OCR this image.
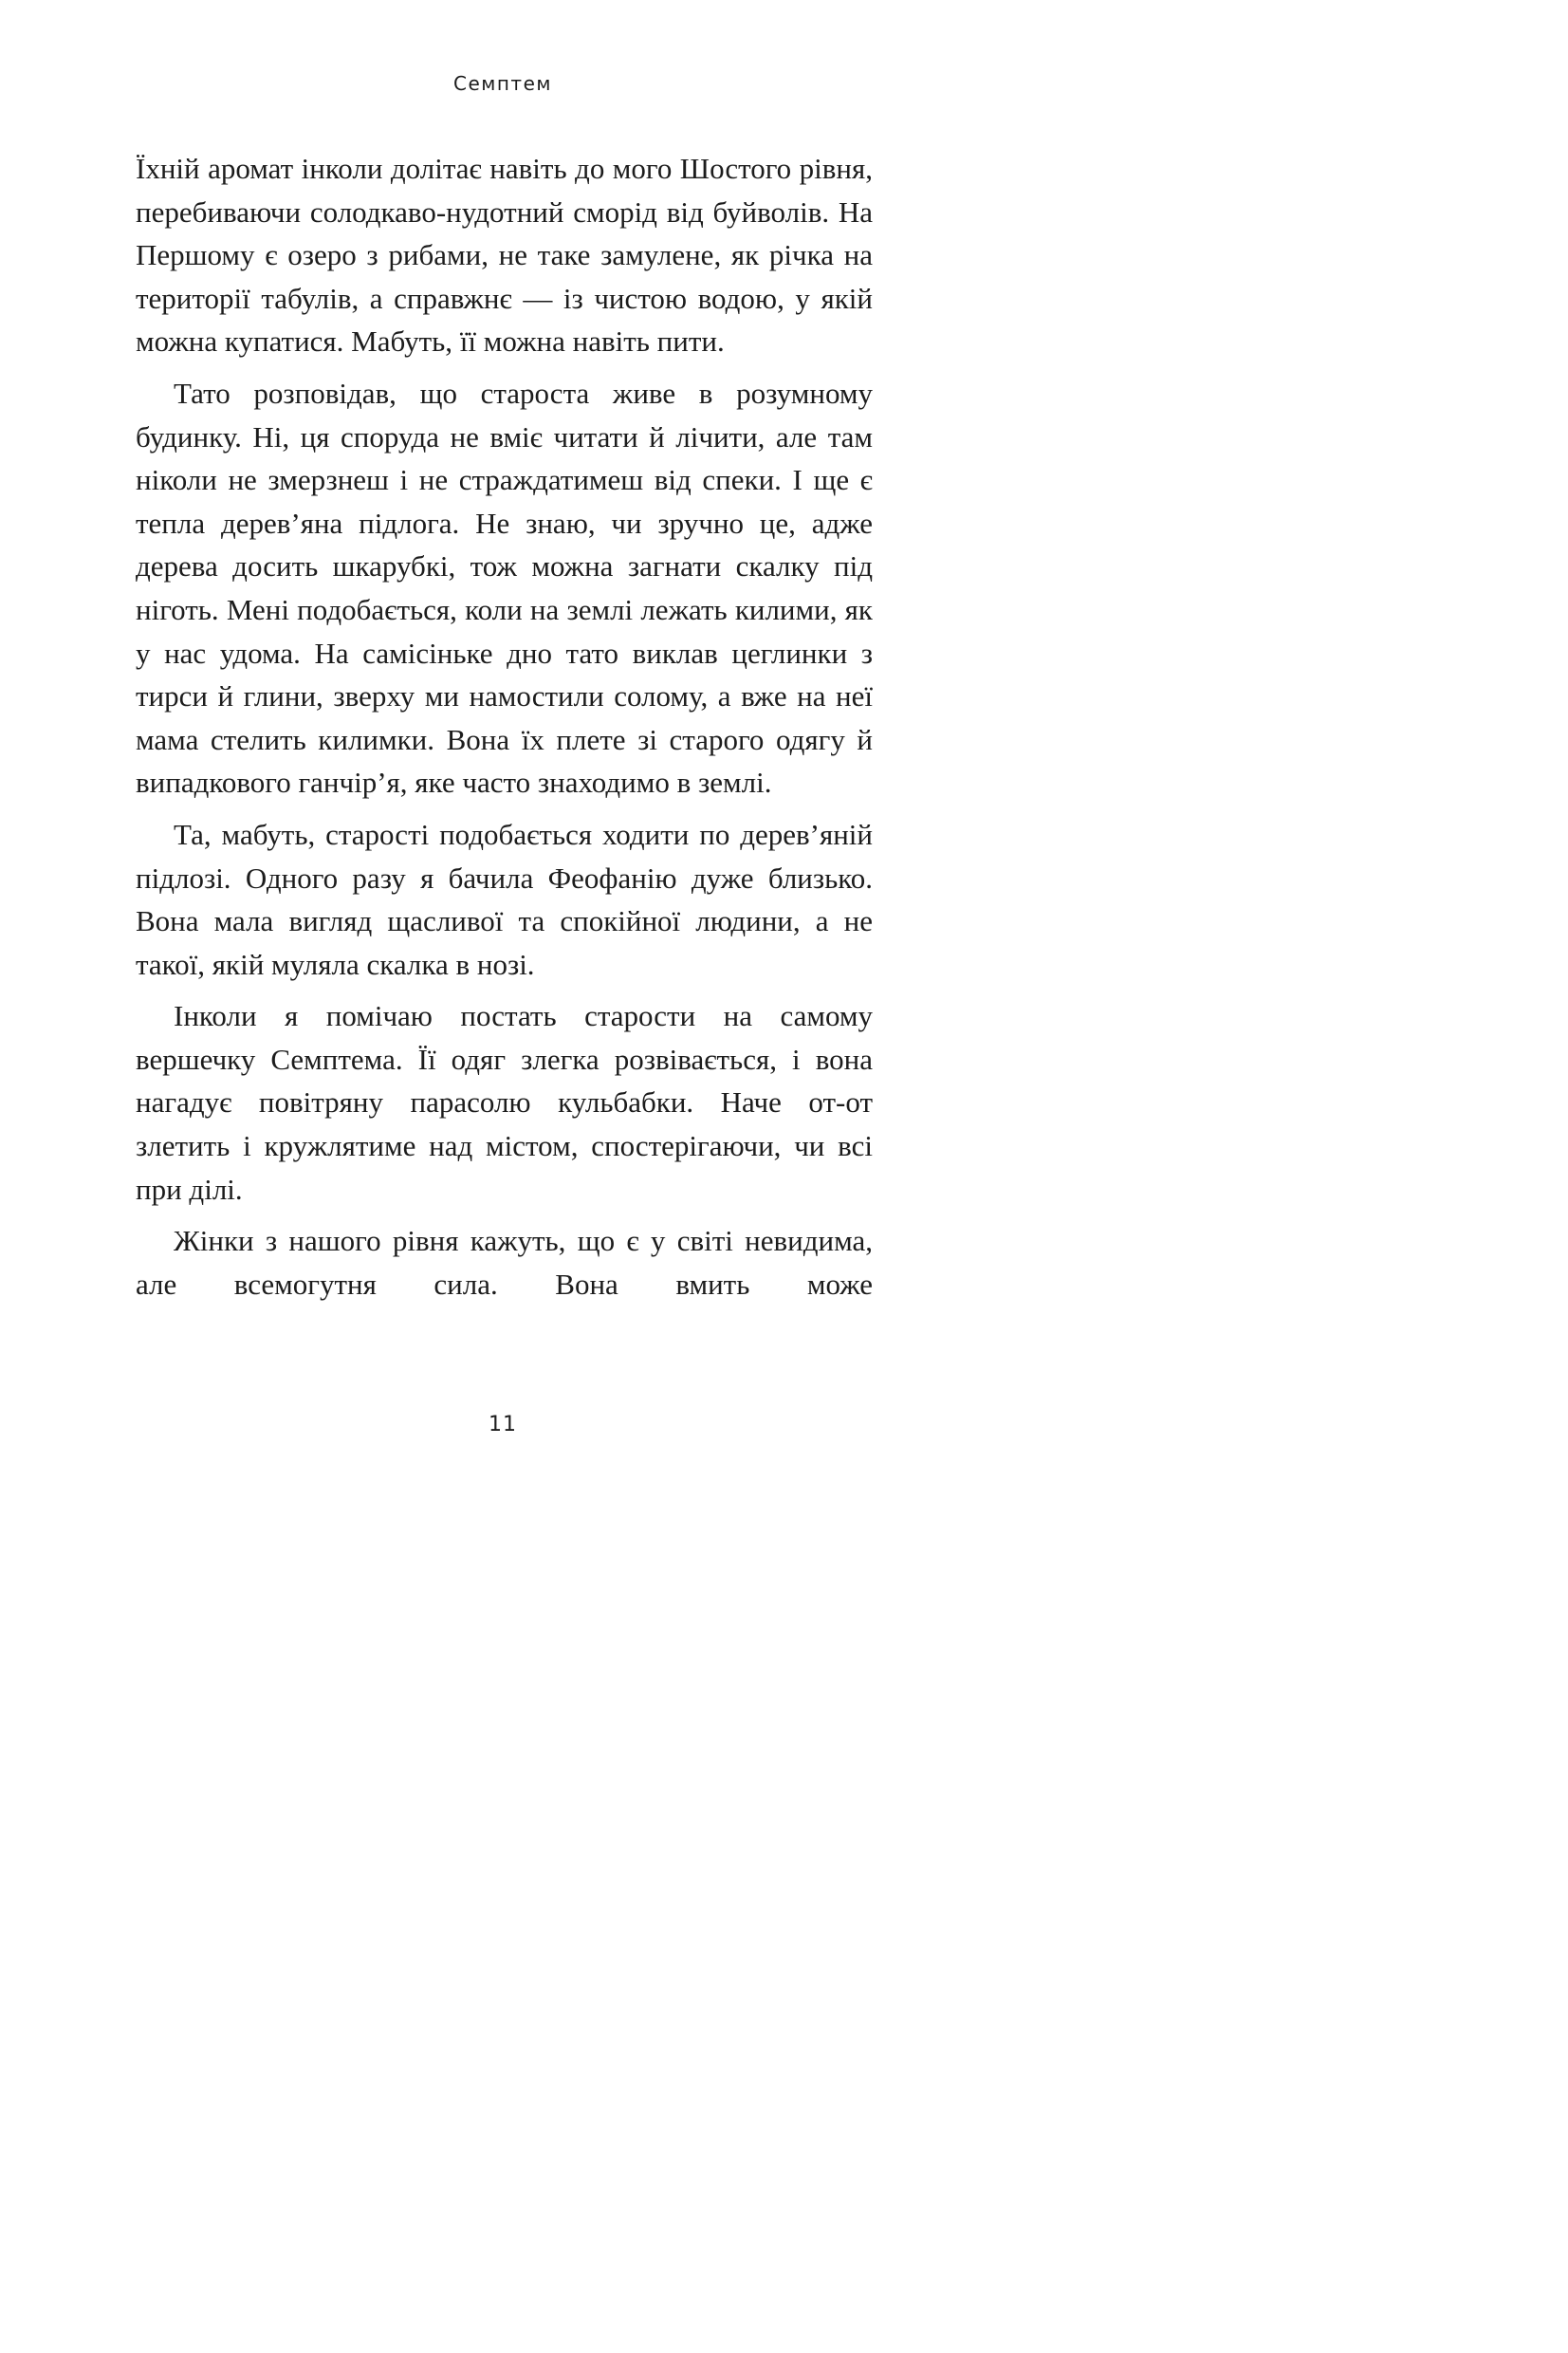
Семптем

Їхній аромат інколи долітає навіть до мого Шостого рівня, перебиваючи солодкаво-нудотний сморід від буйволів. На Першому є озеро з рибами, не таке замулене, як річка на території табулів, а справжнє — із чистою водою, у якій можна купатися. Мабуть, її можна навіть пити.

Тато розповідав, що староста живе в розумному будинку. Ні, ця споруда не вміє читати й лічити, але там ніколи не змерзнеш і не страждатимеш від спеки. І ще є тепла дерев’яна підлога. Не знаю, чи зручно це, адже дерева досить шкарубкі, тож можна загнати скалку під ніготь. Мені подобається, коли на землі лежать килими, як у нас удома. На самісіньке дно тато виклав цеглинки з тирси й глини, зверху ми намостили солому, а вже на неї мама стелить килимки. Вона їх плете зі старого одягу й випадкового ганчір’я, яке часто знаходимо в землі.

Та, мабуть, старості подобається ходити по дерев’яній підлозі. Одного разу я бачила Феофанію дуже близько. Вона мала вигляд щасливої та спокійної людини, а не такої, якій муляла скалка в нозі.

Інколи я помічаю постать старости на самому вершечку Семптема. Її одяг злегка розвівається, і вона нагадує повітряну парасолю кульбабки. Наче от-от злетить і кружлятиме над містом, спостерігаючи, чи всі при ділі.

Жінки з нашого рівня кажуть, що є у світі невидима, але всемогутня сила. Вона вмить може

11
